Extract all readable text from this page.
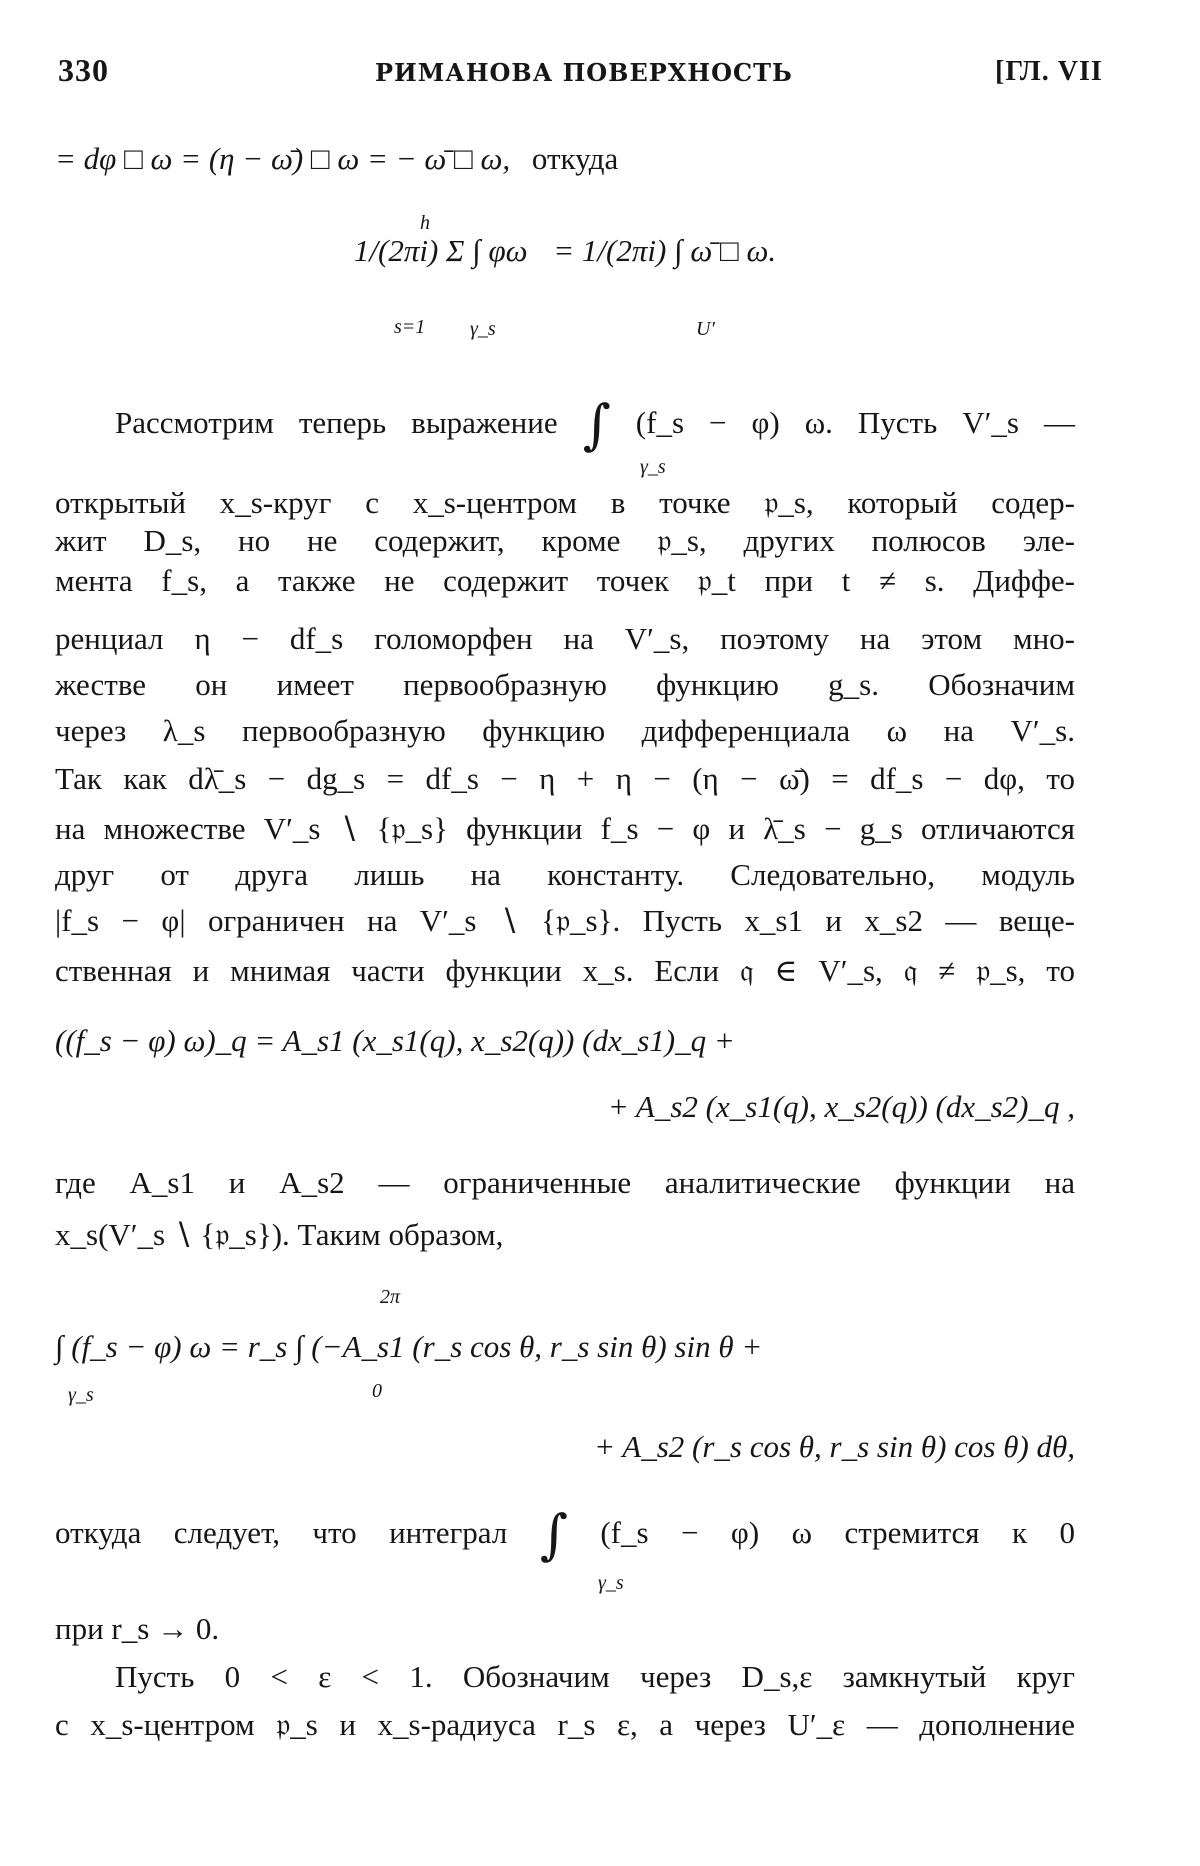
330	РИМАНОВА ПОВЕРХНОСТЬ	[ГЛ. VII
= dφ □ ω = (η − ω̄) □ ω = − ω̄ □ ω, откуда
1/(2πi) Σ ∫ φω = 1/(2πi) ∫ ω̄ □ ω.
h
s=1 γ_s	U′
Рассмотрим теперь выражение ∫ (f_s − φ) ω. Пусть V′_s —
γ_s
открытый x_s-круг с x_s-центром в точке 𝔭_s, который содер-
жит D_s, но не содержит, кроме 𝔭_s, других полюсов эле-
мента f_s, а также не содержит точек 𝔭_t при t ≠ s. Диффе-
ренциал η − df_s голоморфен на V′_s, поэтому на этом мно-
жестве он имеет первообразную функцию g_s. Обозначим
через λ_s первообразную функцию дифференциала ω на V′_s.
Так как dλ̄_s − dg_s = df_s − η + η − (η − ω̄) = df_s − dφ, то
на множестве V′_s ∖ {𝔭_s} функции f_s − φ и λ̄_s − g_s отличаются
друг от друга лишь на константу. Следовательно, модуль
|f_s − φ| ограничен на V′_s ∖ {𝔭_s}. Пусть x_s1 и x_s2 — веще-
ственная и мнимая части функции x_s. Если 𝔮 ∈ V′_s, 𝔮 ≠ 𝔭_s, то
((f_s − φ) ω)_q = A_s1 (x_s1(q), x_s2(q)) (dx_s1)_q +
+ A_s2 (x_s1(q), x_s2(q)) (dx_s2)_q ,
где A_s1 и A_s2 — ограниченные аналитические функции на
x_s(V′_s ∖ {𝔭_s}). Таким образом,
2π
∫ (f_s − φ) ω = r_s ∫ (−A_s1 (r_s cos θ, r_s sin θ) sin θ +
γ_s	0
+ A_s2 (r_s cos θ, r_s sin θ) cos θ) dθ,
откуда следует, что интеграл ∫ (f_s − φ) ω стремится к 0
γ_s
при r_s → 0.
Пусть 0 < ε < 1. Обозначим через D_s,ε замкнутый круг
с x_s-центром 𝔭_s и x_s-радиуса r_s ε, а через U′_ε — дополнение
